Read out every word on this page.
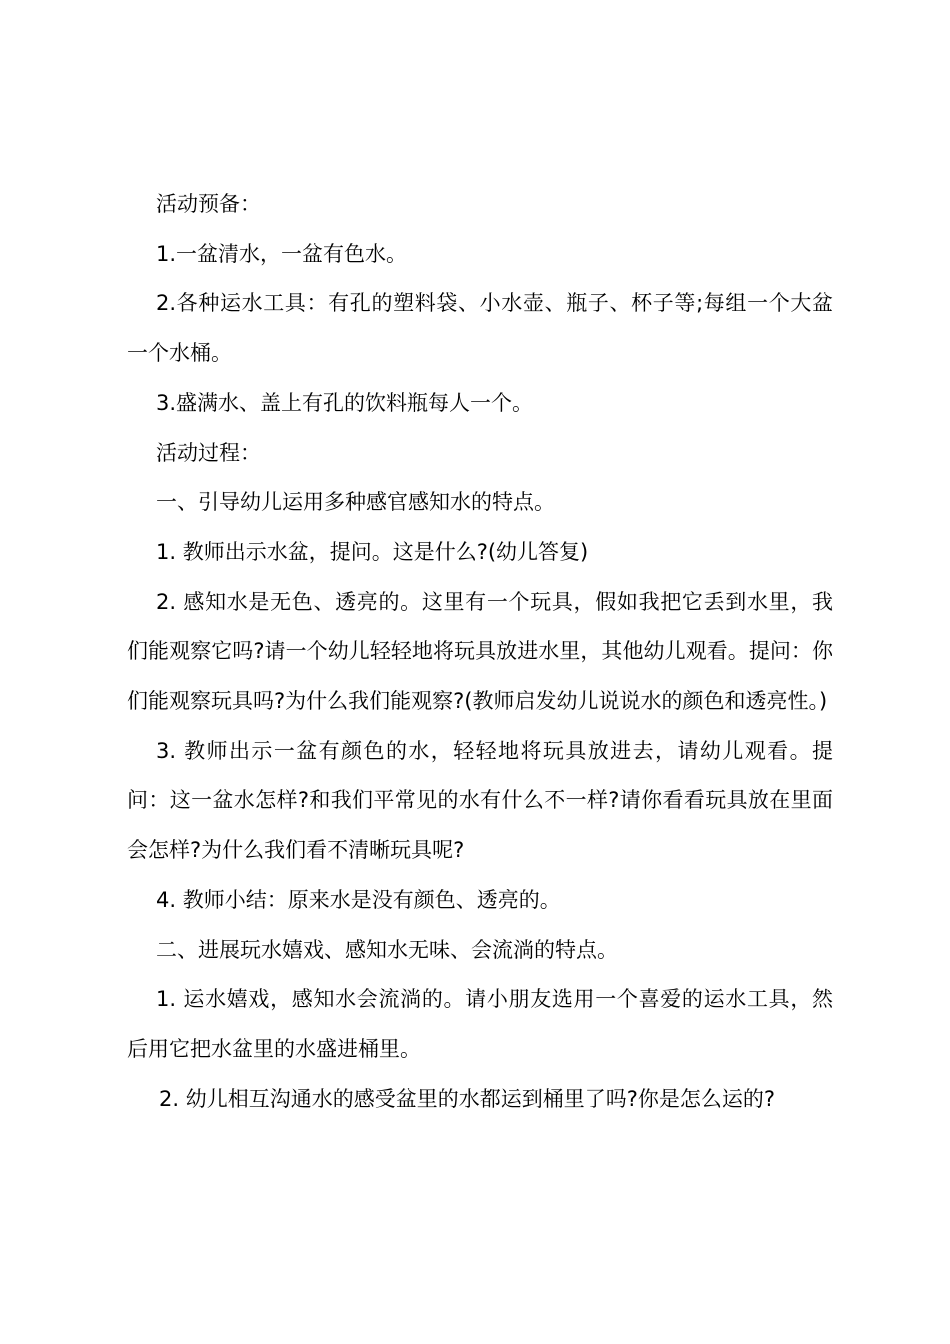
活动预备：

1.一盆清水，一盆有色水。

2.各种运水工具：有孔的塑料袋、小水壶、瓶子、杯子等;每组一个大盆一个水桶。

3.盛满水、盖上有孔的饮料瓶每人一个。

活动过程：

一、引导幼儿运用多种感官感知水的特点。

1. 教师出示水盆，提问。这是什么?(幼儿答复)

2. 感知水是无色、透亮的。这里有一个玩具，假如我把它丢到水里，我们能观察它吗?请一个幼儿轻轻地将玩具放进水里，其他幼儿观看。提问：你们能观察玩具吗?为什么我们能观察?(教师启发幼儿说说水的颜色和透亮性。)

3. 教师出示一盆有颜色的水，轻轻地将玩具放进去，请幼儿观看。提问：这一盆水怎样?和我们平常见的水有什么不一样?请你看看玩具放在里面会怎样?为什么我们看不清晰玩具呢?

4. 教师小结：原来水是没有颜色、透亮的。

二、进展玩水嬉戏、感知水无味、会流淌的特点。

1. 运水嬉戏，感知水会流淌的。请小朋友选用一个喜爱的运水工具，然后用它把水盆里的水盛进桶里。

2. 幼儿相互沟通水的感受盆里的水都运到桶里了吗?你是怎么运的?
